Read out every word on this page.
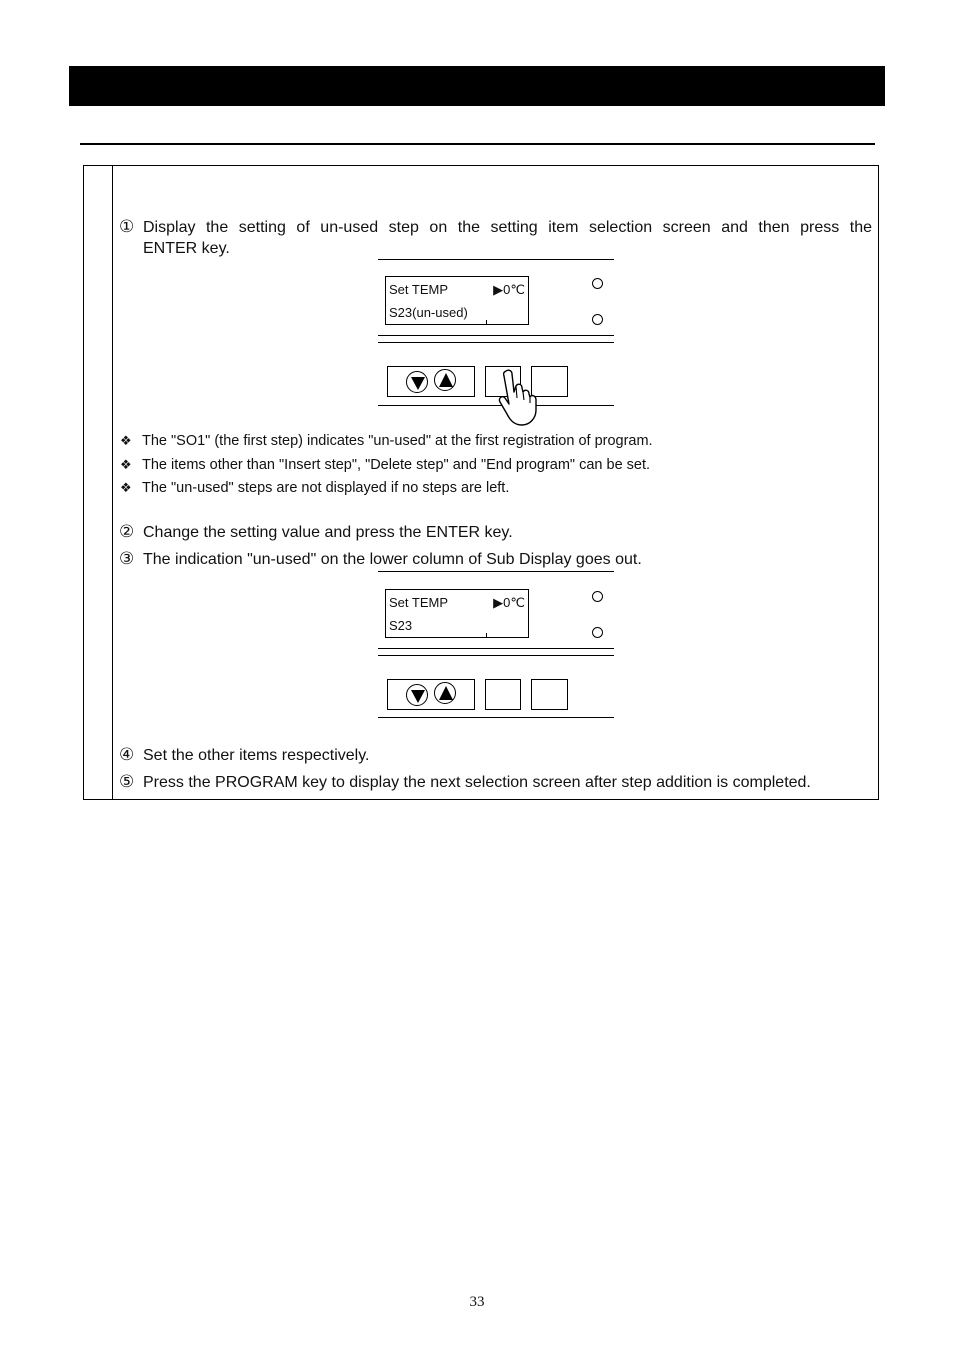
① Display the setting of un-used step on the setting item selection screen and then press the
ENTER key.
Set TEMP	▶0℃
S23(un-used)
❖ The "SO1" (the first step) indicates "un-used" at the first registration of program.
❖ The items other than "Insert step", "Delete step" and "End program" can be set.
❖ The "un-used" steps are not displayed if no steps are left.
② Change the setting value and press the ENTER key.
③ The indication "un-used" on the lower column of Sub Display goes out.
Set TEMP	▶0℃
S23
④ Set the other items respectively.
⑤ Press the PROGRAM key to display the next selection screen after step addition is completed.
33
